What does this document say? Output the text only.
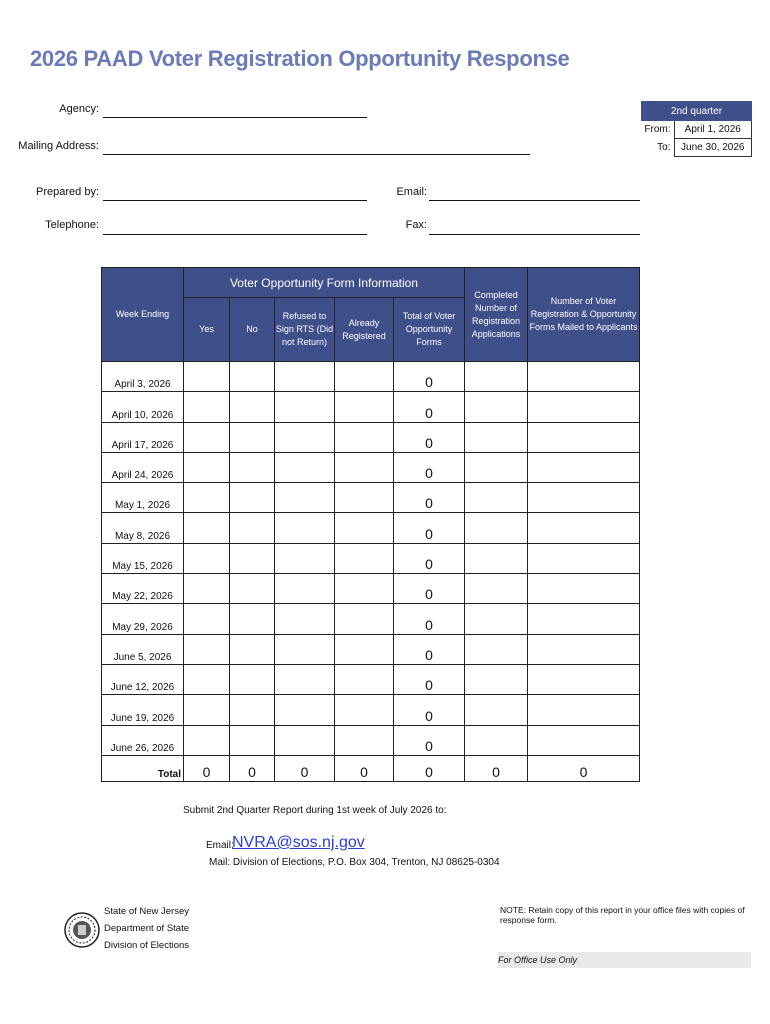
2026 PAAD Voter Registration Opportunity Response
Agency:
Mailing Address:
Prepared by:	Email:
Telephone:	Fax:
2nd quarter	
From:	April 1, 2026
To:	June 30, 2026
Week Ending	Voter Opportunity Form Information					Completed Number of Registration Applications	Number of Voter Registration & Opportunity Forms Mailed to Applicants
	Yes	No	Refused to Sign RTS (Did not Return)	Already Registered	Total of Voter Opportunity Forms		
April 3, 2026					0		
April 10, 2026					0		
April 17, 2026					0		
April 24, 2026					0		
May 1, 2026					0		
May 8, 2026					0		
May 15, 2026					0		
May 22, 2026					0		
May 29, 2026					0		
June 5, 2026					0		
June 12, 2026					0		
June 19, 2026					0		
June 26, 2026					0		
Total	0	0	0	0	0	0	0
Submit 2nd Quarter Report during 1st week of July 2026 to:
Email:
NVRA@sos.nj.gov
Mail: Division of Elections, P.O. Box 304, Trenton, NJ 08625-0304
State of New Jersey
Department of State
Division of Elections
NOTE: Retain copy of this report in your office files with copies of response form.
For Office Use Only
